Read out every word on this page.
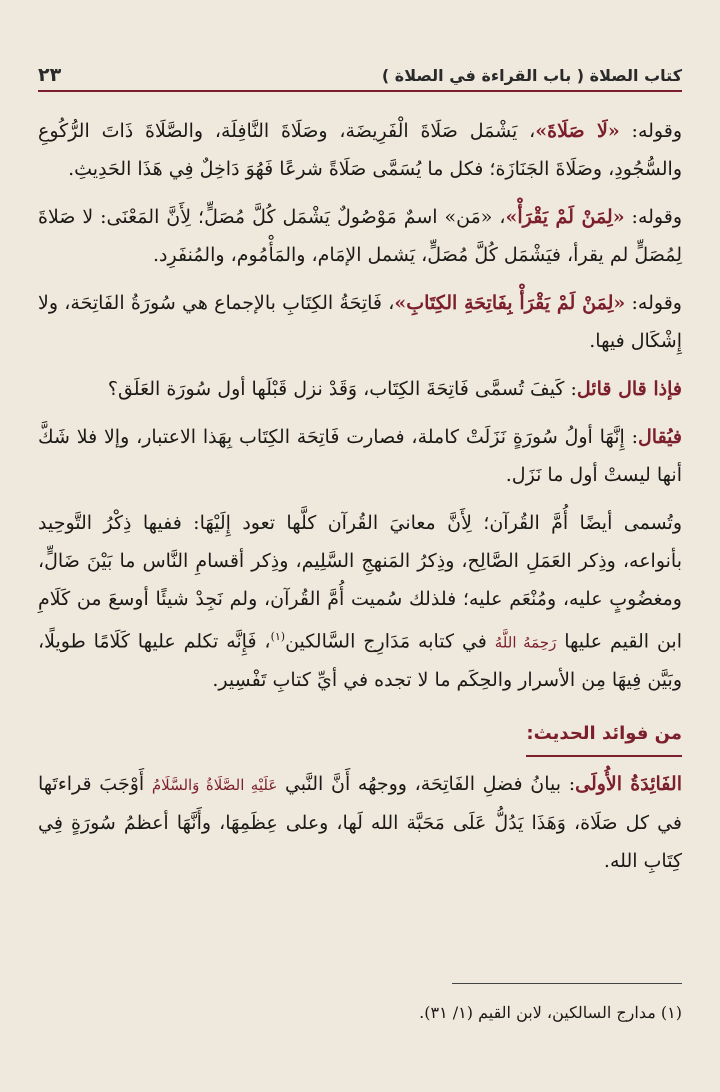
كتاب الصلاة ( باب القراءة في الصلاة )
٢٣

وقوله: «لَا صَلَاةَ»، يَشْمَل صَلَاةَ الْفَرِيضَة، وصَلَاةَ النَّافِلَة، والصَّلَاةَ ذَاتَ الرُّكُوعِ والسُّجُودِ، وصَلَاةَ الجَنَازَة؛ فكل ما يُسَمَّى صَلَاةً شرعًا فَهُوَ دَاخِلٌ فِي هَذَا الحَدِيثِ.

وقوله: «لِمَنْ لَمْ يَقْرَأْ»، «مَن» اسمٌ مَوْصُولٌ يَشْمَل كُلَّ مُصَلٍّ؛ لِأَنَّ المَعْنَى: لا صَلاةَ لِمُصَلٍّ لم يقرأ، فيَشْمَل كُلَّ مُصَلٍّ، يَشمل الإمَام، والمَأْمُوم، والمُنفَرِد.

وقوله: «لِمَنْ لَمْ يَقْرَأْ بِفَاتِحَةِ الكِتَابِ»، فَاتِحَةُ الكِتَابِ بالإجماع هي سُورَةُ الفَاتِحَة، ولا إِشْكَال فيها.

فإذا قال قائل: كَيفَ تُسمَّى فَاتِحَةَ الكِتَاب، وَقَدْ نزل قَبْلَها أول سُورَة العَلَق؟

فيُقال: إِنَّهَا أولُ سُورَةٍ نَزَلَتْ كاملة، فصارت فَاتِحَة الكِتَاب بِهَذا الاعتبار، وإلا فلا شَكَّ أنها ليستْ أول ما نَزَل.

وتُسمى أيضًا أُمَّ القُرآن؛ لِأَنَّ معانيَ القُرآن كلَّها تعود إِلَيْهَا: ففيها ذِكْرُ التَّوحِيد بأنواعه، وذِكر العَمَلِ الصَّالِح، وذِكرُ المَنهجِ السَّلِيم، وذِكر أقسامِ النَّاس ما بَيْنَ ضَالٍّ، ومغضُوبٍ عليه، ومُنْعَم عليه؛ فلذلك سُميت أُمَّ القُرآن، ولم نَجِدْ شيئًا أوسعَ من كَلَامِ ابن القيم عليها رَحِمَهُ اللَّهُ في كتابه مَدَارِج السَّالكين$^{(١)}$، فَإِنَّه تكلم عليها كَلَامًا طويلًا، وبَيَّن فِيهَا مِن الأسرار والحِكَم ما لا تجده في أيِّ كتابِ تَفْسِير.

من فوائد الحديث:

الفَائِدَةُ الأُولَى: بيانُ فضلِ الفَاتِحَة، ووجهُه أَنَّ النَّبي عَلَيْهِ الصَّلَاةُ وَالسَّلَامُ أَوْجَبَ قراءتَها في كل صَلَاة، وَهَذَا يَدُلُّ عَلَى مَحَبَّة الله لَها، وعلى عِظَمِهَا، وأَنَّهَا أعظمُ سُورَةٍ فِي كِتَابِ الله.

(١) مدارج السالكين، لابن القيم (١/ ٣١).
